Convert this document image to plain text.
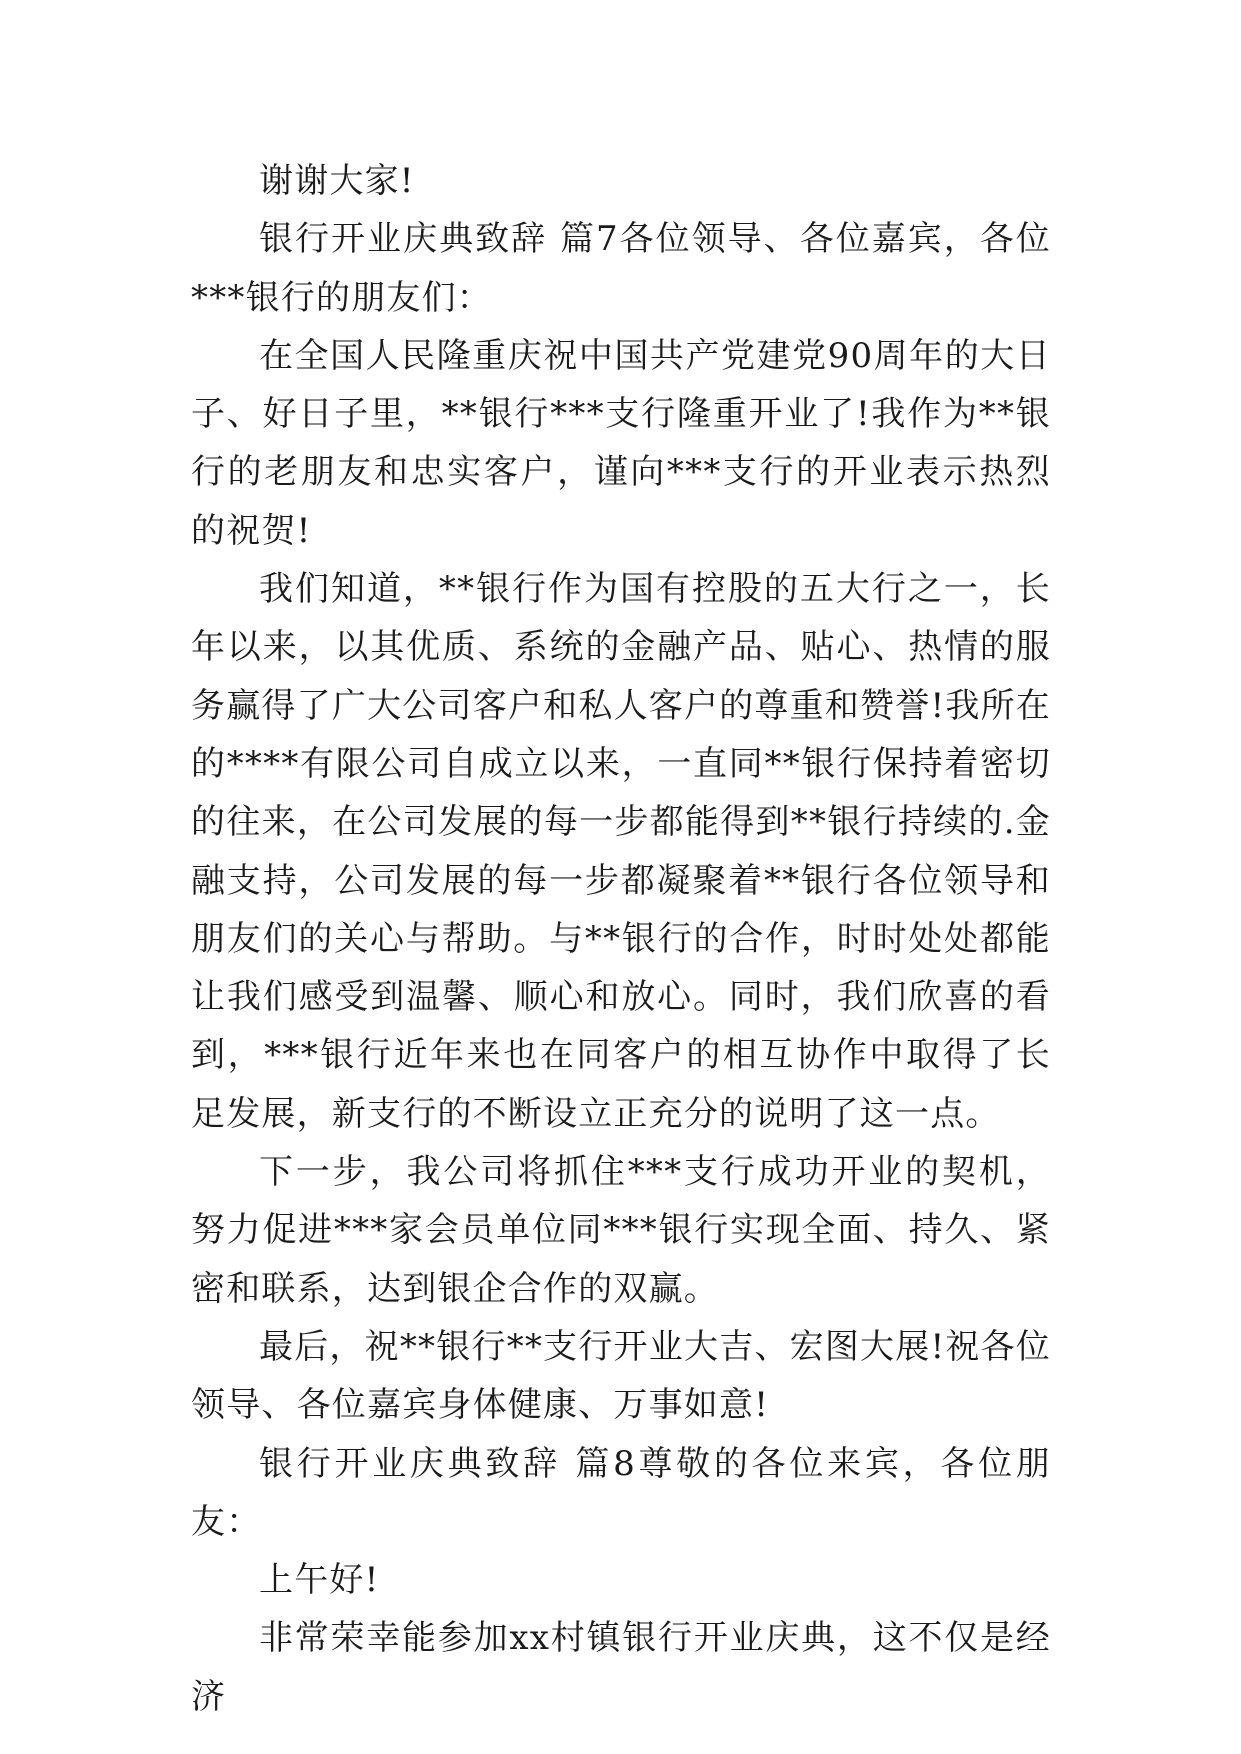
谢谢大家!

银行开业庆典致辞 篇7各位领导、各位嘉宾，各位***银行的朋友们：

在全国人民隆重庆祝中国共产党建党90周年的大日子、好日子里，**银行***支行隆重开业了!我作为**银行的老朋友和忠实客户，谨向***支行的开业表示热烈的祝贺!

我们知道，**银行作为国有控股的五大行之一，长年以来，以其优质、系统的金融产品、贴心、热情的服务赢得了广大公司客户和私人客户的尊重和赞誉!我所在的****有限公司自成立以来，一直同**银行保持着密切的往来，在公司发展的每一步都能得到**银行持续的.金融支持，公司发展的每一步都凝聚着**银行各位领导和朋友们的关心与帮助。与**银行的合作，时时处处都能让我们感受到温馨、顺心和放心。同时，我们欣喜的看到，***银行近年来也在同客户的相互协作中取得了长足发展，新支行的不断设立正充分的说明了这一点。

下一步，我公司将抓住***支行成功开业的契机，努力促进***家会员单位同***银行实现全面、持久、紧密和联系，达到银企合作的双赢。

最后，祝**银行**支行开业大吉、宏图大展!祝各位领导、各位嘉宾身体健康、万事如意!

银行开业庆典致辞 篇8尊敬的各位来宾，各位朋友：

上午好!

非常荣幸能参加xx村镇银行开业庆典，这不仅是经济
